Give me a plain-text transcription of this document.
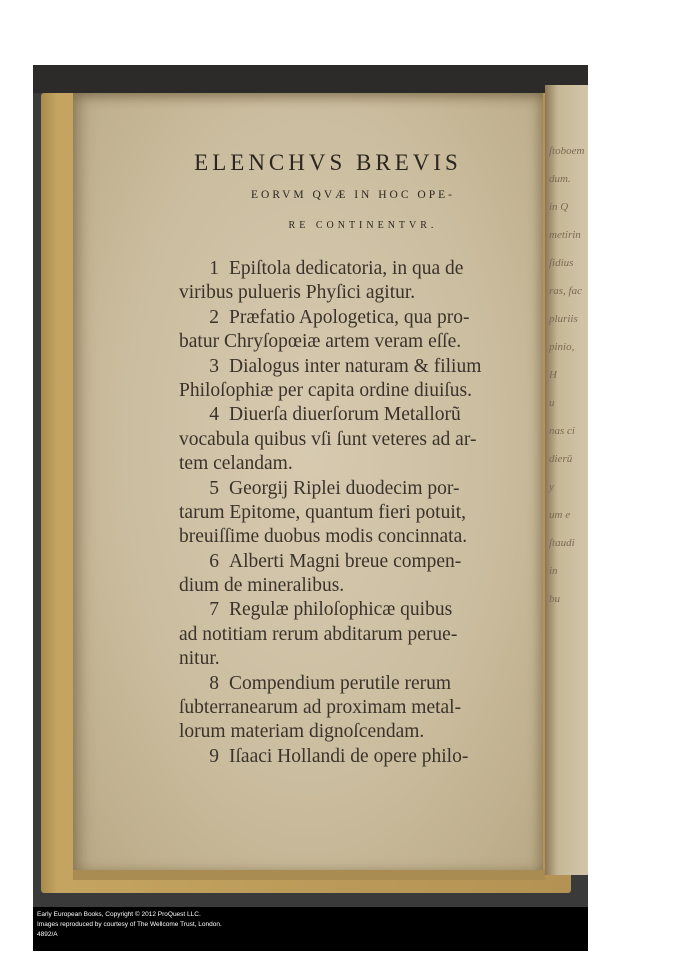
ſtoboem
dum.
in Q
metirin
ſidius
ras, fac
pluriis
pinio,
H
u
nas ci
dierū
y
um e
ſtaudi
in
bu
ELENCHVS BREVIS
EORVM QVÆ IN HOC OPE-
RE CONTINENTVR.
1 Epiſtola dedicatoria, in qua de
viribus pulueris Phyſici agitur.
2 Præfatio Apologetica, qua pro-
batur Chryſopœiæ artem veram eſſe.
3 Dialogus inter naturam & filium
Philoſophiæ per capita ordine diuiſus.
4 Diuerſa diuerſorum Metallorũ
vocabula quibus vſi ſunt veteres ad ar-
tem celandam.
5 Georgij Riplei duodecim por-
tarum Epitome, quantum fieri potuit,
breuiſſime duobus modis concinnata.
6 Alberti Magni breue compen-
dium de mineralibus.
7 Regulæ philoſophicæ quibus
ad notitiam rerum abditarum perue-
nitur.
8 Compendium perutile rerum
ſubterranearum ad proximam metal-
lorum materiam dignoſcendam.
9 Iſaaci Hollandi de opere philo-
Early European Books, Copyright © 2012 ProQuest LLC.
Images reproduced by courtesy of The Wellcome Trust, London.
4892/A
